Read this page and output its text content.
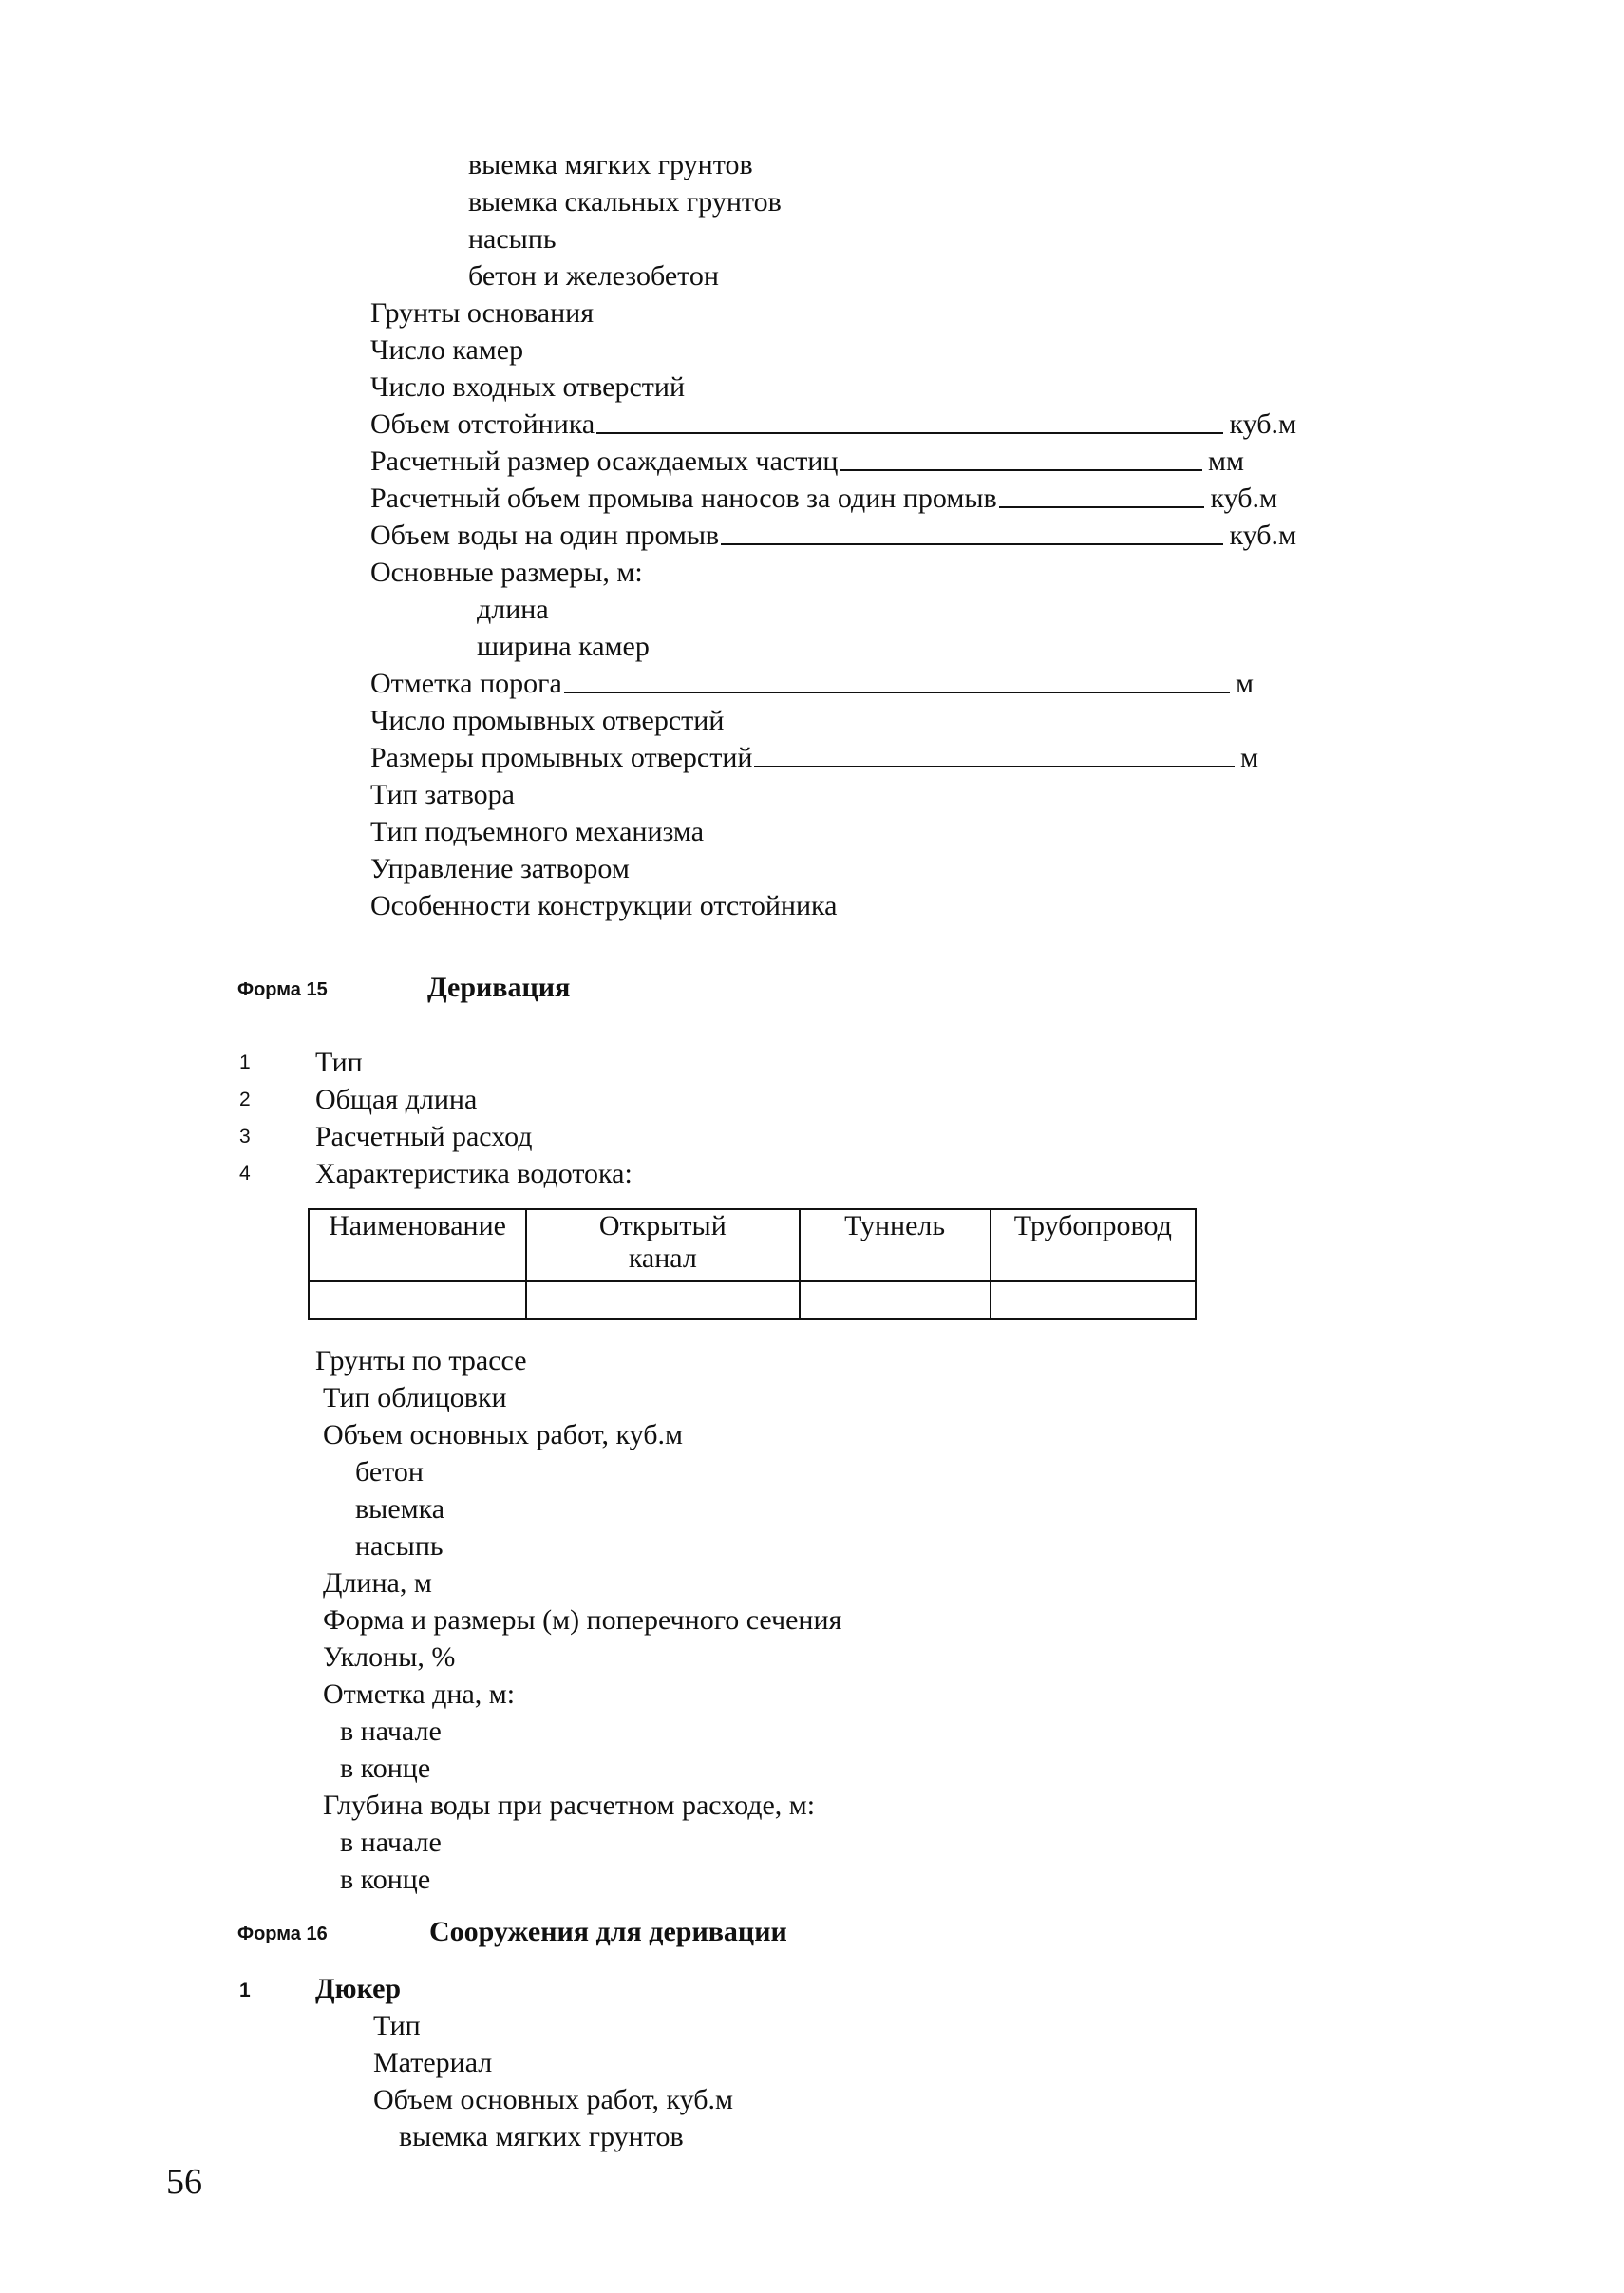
выемка мягких грунтов
выемка скальных грунтов
насыпь
бетон и железобетон
Грунты основания
Число камер
Число входных отверстий
Объем отстойника	куб.м
Расчетный размер осаждаемых частиц	мм
Расчетный объем промыва наносов за один промыв	куб.м
Объем воды на один промыв	куб.м
Основные размеры, м:
длина
ширина камер
Отметка порога	м
Число промывных отверстий
Размеры промывных отверстий	м
Тип затвора
Тип подъемного механизма
Управление затвором
Особенности конструкции отстойника
Форма 15	Деривация
1 Тип
2 Общая длина
3 Расчетный расход
4 Характеристика водотока:
Наименование	Открытый канал	Туннель	Трубопровод

Грунты по трассе
Тип облицовки
Объем основных работ, куб.м
бетон
выемка
насыпь
Длина, м
Форма и размеры (м) поперечного сечения
Уклоны, %
Отметка дна, м:
в начале
в конце
Глубина воды при расчетном расходе, м:
в начале
в конце
Форма 16	Сооружения для деривации
1 Дюкер
Тип
Материал
Объем основных работ, куб.м
выемка мягких грунтов
56
